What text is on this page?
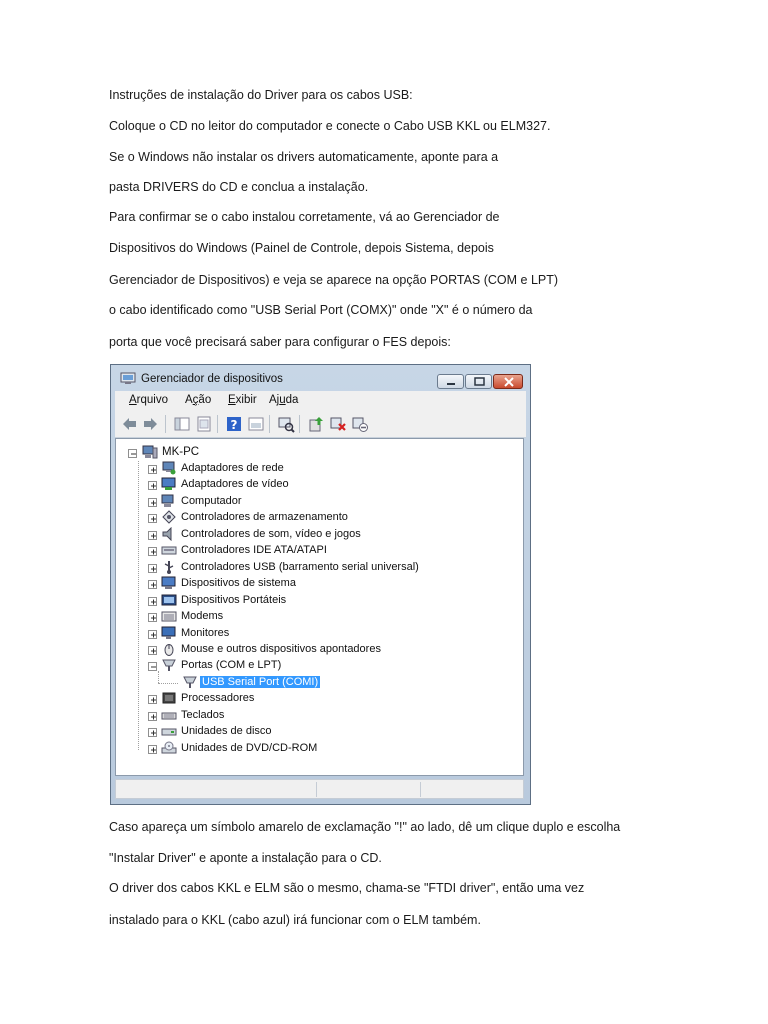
Instruções de instalação do Driver para os cabos USB:
Coloque o CD no leitor do computador e conecte o Cabo USB KKL ou ELM327.
Se o Windows não instalar os drivers automaticamente, aponte para a
pasta DRIVERS do CD e conclua a instalação.
Para confirmar se o cabo instalou corretamente, vá ao Gerenciador de
Dispositivos do Windows (Painel de Controle, depois Sistema, depois
Gerenciador de Dispositivos) e veja se aparece na opção PORTAS (COM e LPT)
o cabo identificado como "USB Serial Port (COMX)" onde "X" é o número da
porta que você precisará saber para configurar o FES depois:
Gerenciador de dispositivos
Arquivo Ação Exibir Ajuda
?
MK-PC
Adaptadores de rede
Adaptadores de vídeo
Computador
Controladores de armazenamento
Controladores de som, vídeo e jogos
Controladores IDE ATA/ATAPI
Controladores USB (barramento serial universal)
Dispositivos de sistema
Dispositivos Portáteis
Modems
Monitores
Mouse e outros dispositivos apontadores
Portas (COM e LPT)
Processadores
Teclados
Unidades de disco
Unidades de DVD/CD-ROM
USB Serial Port (COMI)
Caso apareça um símbolo amarelo de exclamação "!" ao lado, dê um clique duplo e escolha
"Instalar Driver" e aponte a instalação para o CD.
O driver dos cabos KKL e ELM são o mesmo, chama-se "FTDI driver", então uma vez
instalado para o KKL (cabo azul) irá funcionar com o ELM também.
